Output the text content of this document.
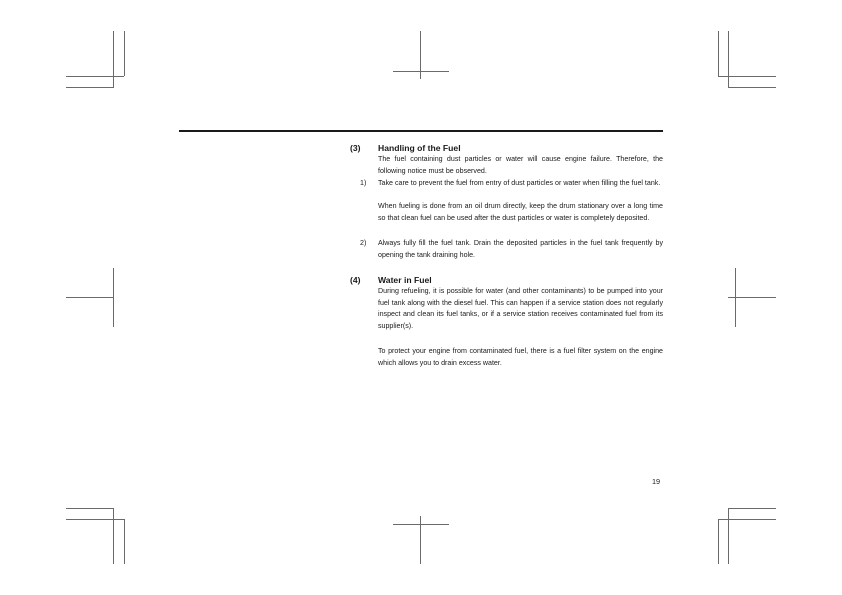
(3) Handling of the Fuel
The fuel containing dust particles or water will cause engine failure. Therefore, the following notice must be observed.
1) Take care to prevent the fuel from entry of dust particles or water when filling the fuel tank.
When fueling is done from an oil drum directly, keep the drum stationary over a long time so that clean fuel can be used after the dust particles or water is completely deposited.
2) Always fully fill the fuel tank. Drain the deposited particles in the fuel tank frequently by opening the tank draining hole.
(4) Water in Fuel
During refueling, it is possible for water (and other contaminants) to be pumped into your fuel tank along with the diesel fuel. This can happen if a service station does not regularly inspect and clean its fuel tanks, or if a service station receives contaminated fuel from its supplier(s).
To protect your engine from contaminated fuel, there is a fuel filter system on the engine which allows you to drain excess water.
19
